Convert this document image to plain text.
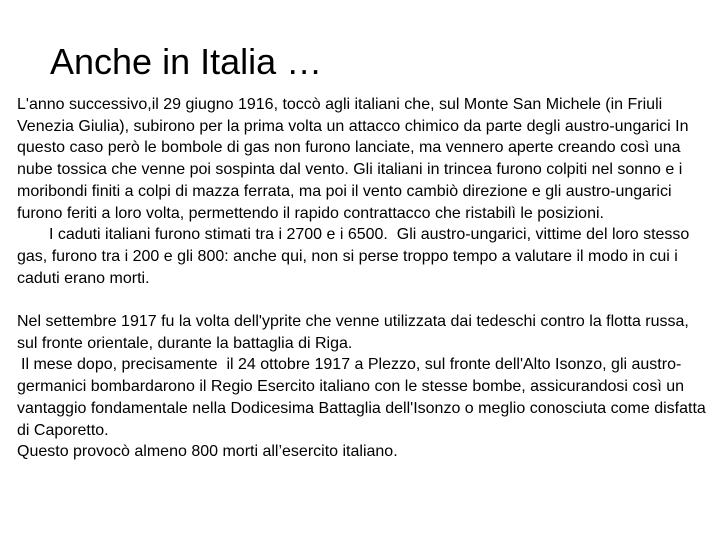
Anche in Italia …

L'anno successivo,il 29 giugno 1916, toccò agli italiani che, sul Monte San Michele (in Friuli Venezia Giulia), subirono per la prima volta un attacco chimico da parte degli austro-ungarici In questo caso però le bombole di gas non furono lanciate, ma vennero aperte creando così una nube tossica che venne poi sospinta dal vento. Gli italiani in trincea furono colpiti nel sonno e i moribondi finiti a colpi di mazza ferrata, ma poi il vento cambiò direzione e gli austro-ungarici furono feriti a loro volta, permettendo il rapido contrattacco che ristabilì le posizioni.

I caduti italiani furono stimati tra i 2700 e i 6500.  Gli austro-ungarici, vittime del loro stesso gas, furono tra i 200 e gli 800: anche qui, non si perse troppo tempo a valutare il modo in cui i caduti erano morti.

Nel settembre 1917 fu la volta dell'yprite che venne utilizzata dai tedeschi contro la flotta russa, sul fronte orientale, durante la battaglia di Riga.

Il mese dopo, precisamente  il 24 ottobre 1917 a Plezzo, sul fronte dell'Alto Isonzo, gli austro-germanici bombardarono il Regio Esercito italiano con le stesse bombe, assicurandosi così un vantaggio fondamentale nella Dodicesima Battaglia dell'Isonzo o meglio conosciuta come disfatta di Caporetto.

Questo provocò almeno 800 morti all’esercito italiano.
